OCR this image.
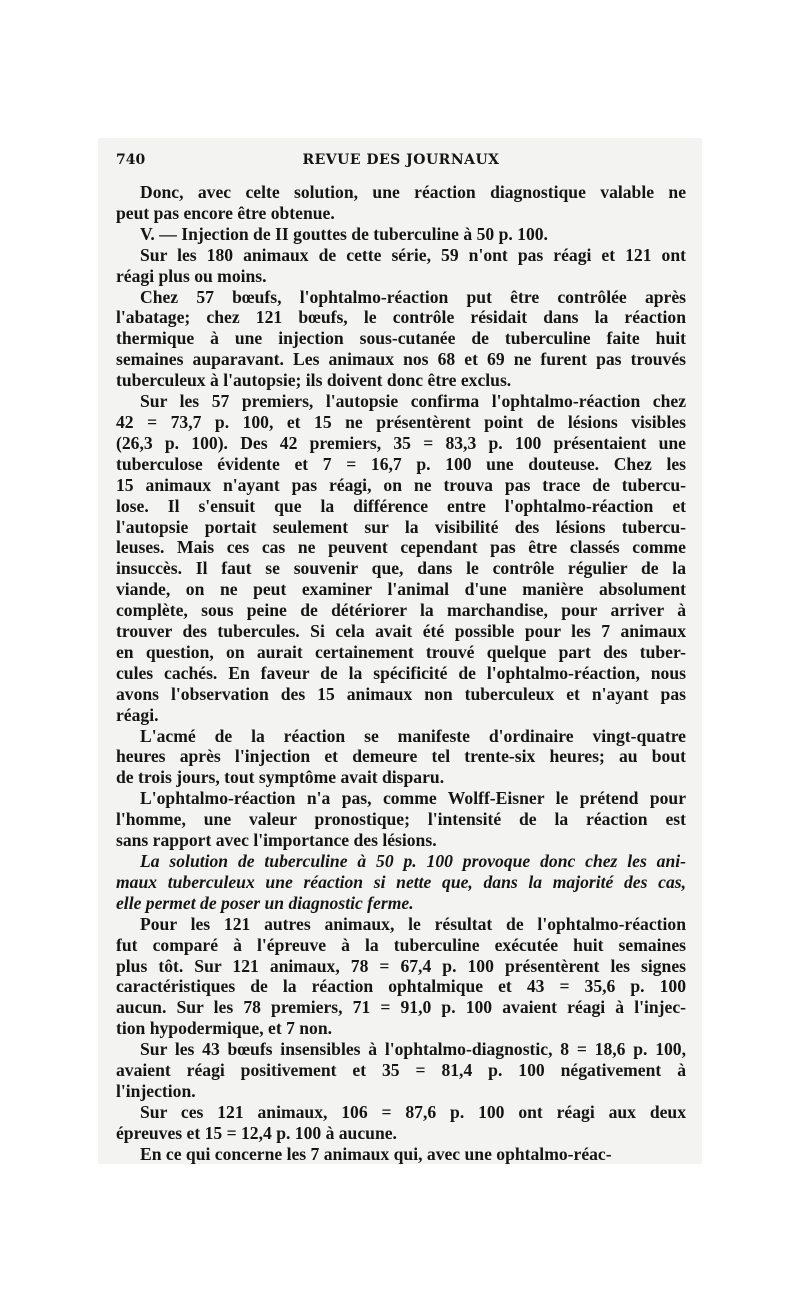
740	REVUE DES JOURNAUX
Donc, avec celte solution, une réaction diagnostique valable ne
peut pas encore être obtenue.
V. — Injection de II gouttes de tuberculine à 50 p. 100.
Sur les 180 animaux de cette série, 59 n'ont pas réagi et 121 ont
réagi plus ou moins.
Chez 57 bœufs, l'ophtalmo-réaction put être contrôlée après
l'abatage; chez 121 bœufs, le contrôle résidait dans la réaction
thermique à une injection sous-cutanée de tuberculine faite huit
semaines auparavant. Les animaux nos 68 et 69 ne furent pas trouvés
tuberculeux à l'autopsie; ils doivent donc être exclus.
Sur les 57 premiers, l'autopsie confirma l'ophtalmo-réaction chez
42 = 73,7 p. 100, et 15 ne présentèrent point de lésions visibles
(26,3 p. 100). Des 42 premiers, 35 = 83,3 p. 100 présentaient une
tuberculose évidente et 7 = 16,7 p. 100 une douteuse. Chez les
15 animaux n'ayant pas réagi, on ne trouva pas trace de tubercu-
lose. Il s'ensuit que la différence entre l'ophtalmo-réaction et
l'autopsie portait seulement sur la visibilité des lésions tubercu-
leuses. Mais ces cas ne peuvent cependant pas être classés comme
insuccès. Il faut se souvenir que, dans le contrôle régulier de la
viande, on ne peut examiner l'animal d'une manière absolument
complète, sous peine de détériorer la marchandise, pour arriver à
trouver des tubercules. Si cela avait été possible pour les 7 animaux
en question, on aurait certainement trouvé quelque part des tuber-
cules cachés. En faveur de la spécificité de l'ophtalmo-réaction, nous
avons l'observation des 15 animaux non tuberculeux et n'ayant pas
réagi.
L'acmé de la réaction se manifeste d'ordinaire vingt-quatre
heures après l'injection et demeure tel trente-six heures; au bout
de trois jours, tout symptôme avait disparu.
L'ophtalmo-réaction n'a pas, comme Wolff-Eisner le prétend pour
l'homme, une valeur pronostique; l'intensité de la réaction est
sans rapport avec l'importance des lésions.
La solution de tuberculine à 50 p. 100 provoque donc chez les ani-
maux tuberculeux une réaction si nette que, dans la majorité des cas,
elle permet de poser un diagnostic ferme.
Pour les 121 autres animaux, le résultat de l'ophtalmo-réaction
fut comparé à l'épreuve à la tuberculine exécutée huit semaines
plus tôt. Sur 121 animaux, 78 = 67,4 p. 100 présentèrent les signes
caractéristiques de la réaction ophtalmique et 43 = 35,6 p. 100
aucun. Sur les 78 premiers, 71 = 91,0 p. 100 avaient réagi à l'injec-
tion hypodermique, et 7 non.
Sur les 43 bœufs insensibles à l'ophtalmo-diagnostic, 8 = 18,6 p. 100,
avaient réagi positivement et 35 = 81,4 p. 100 négativement à
l'injection.
Sur ces 121 animaux, 106 = 87,6 p. 100 ont réagi aux deux
épreuves et 15 = 12,4 p. 100 à aucune.
En ce qui concerne les 7 animaux qui, avec une ophtalmo-réac-
